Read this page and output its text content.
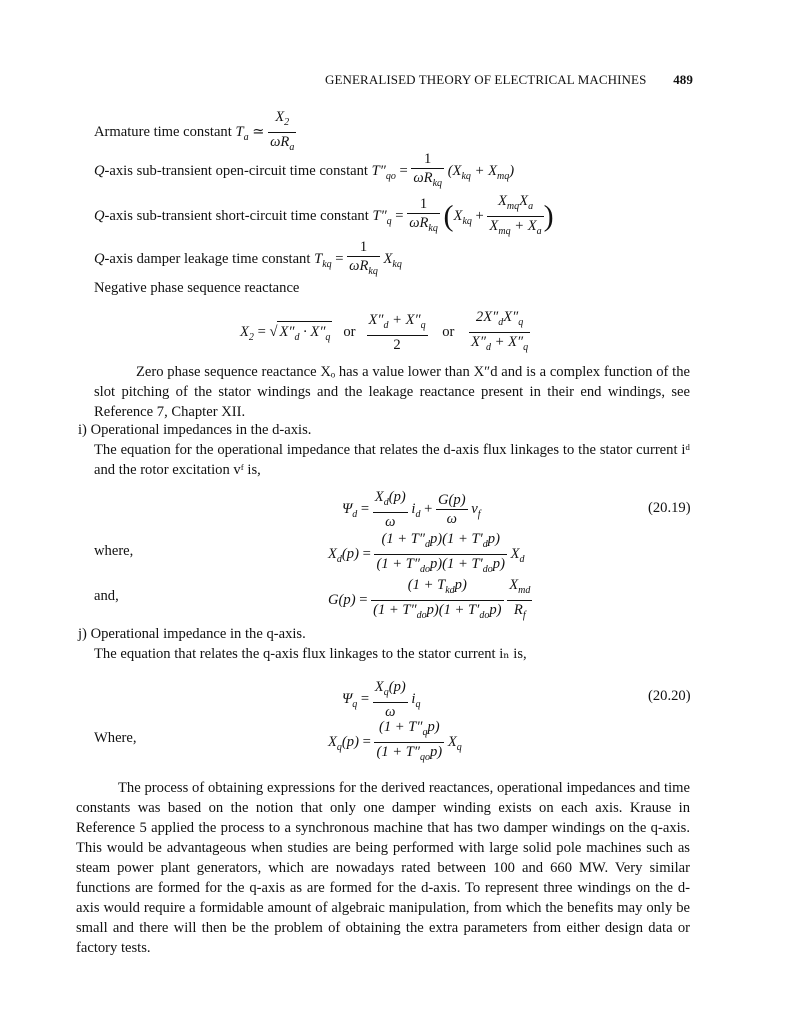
GENERALISED THEORY OF ELECTRICAL MACHINES 489
Armature time constant $T_a$ ≃ $\frac{X_2}{\omega R_a}$
Q-axis sub-transient open-circuit time constant $T''_{qo} = \frac{1}{\omega R_{kq}} (X_{kq} + X_{mq})$
Q-axis sub-transient short-circuit time constant $T''_q = \frac{1}{\omega R_{kq}} (X_{kq} + \frac{X_{mq}X_a}{X_{mq} + X_a}$ )
Q-axis damper leakage time constant $T_{kq} = \frac{1}{\omega R_{kq}} X_{kq}$
Negative phase sequence reactance
$X_2$ = √ $X''_d \cdot X''_q$ or $\frac{X''_d + X''_q}{2}$ or $\frac{2X''_dX''_q}{X''_d + X''_q}$
Zero phase sequence reactance Xₒ has a value lower than X″d and is a complex function of the slot pitching of the stator windings and the leakage reactance present in their end windings, see Reference 7, Chapter XII.
i) Operational impedances in the d-axis.
The equation for the operational impedance that relates the d-axis flux linkages to the stator current iᵈ and the rotor excitation vᶠ is,
$\Psi_d = \frac{X_d(p)}{\omega} i_d + \frac{G(p)}{\omega} v_f$	(20.19)
where,	$X_d(p) = \frac{(1 + T''_dp)(1 + T'_dp)}{(1 + T''_{do}p)(1 + T'_{do}p)} X_d$
and,	$G(p) = \frac{(1 + T_{kd}p)}{(1 + T''_{do}p)(1 + T'_{do}p)}$
$\frac{X_{md}}{R_f}$
j) Operational impedance in the q-axis.
The equation that relates the q-axis flux linkages to the stator current iₙ is,
$\Psi_q = \frac{X_q(p)}{\omega} i_q$
(20.20)
Where,	$X_q(p) = \frac{(1 + T''_qp)}{(1 + T''_{qo}p)} X_q$
The process of obtaining expressions for the derived reactances, operational impedances and time constants was based on the notion that only one damper winding exists on each axis. Krause in Reference 5 applied the process to a synchronous machine that has two damper windings on the q-axis. This would be advantageous when studies are being performed with large solid pole machines such as steam power plant generators, which are nowadays rated between 100 and 660 MW. Very similar functions are formed for the q-axis as are formed for the d-axis. To represent three windings on the d-axis would require a formidable amount of algebraic manipulation, from which the benefits may only be small and there will then be the problem of obtaining the extra parameters from either design data or factory tests.
